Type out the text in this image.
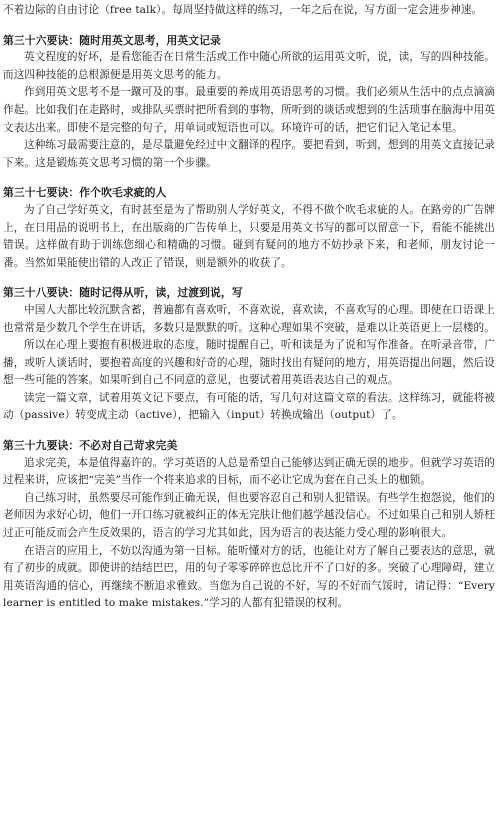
不着边际的自由讨论（free talk）。每周坚持做这样的练习，一年之后在说，写方面一定会进步神速。

第三十六要诀：随时用英文思考，用英文记录

英文程度的好坏，是看您能否在日常生活或工作中随心所欲的运用英文听，说，读，写的四种技能。而这四种技能的总根源便是用英文思考的能力。

作到用英文思考不是一蹴可及的事。最重要的养成用英语思考的习惯。我们必须从生活中的点点滴滴作起。比如我们在走路时，或排队买票时把所看到的事物，所听到的谈话或想到的生活琐事在脑海中用英文表达出来。即使不是完整的句子，用单词或短语也可以。环境许可的话，把它们记入笔记本里。

这种练习最需要注意的，是尽量避免经过中文翻译的程序。要把看到，听到，想到的用英文直接记录下来。这是锻炼英文思考习惯的第一个步骤。

第三十七要诀：作个吹毛求疵的人

为了自己学好英文，有时甚至是为了帮助别人学好英文，不得不做个吹毛求疵的人。在路旁的广告牌上，在日用品的说明书上，在出版商的广告传单上，只要是用英文书写的都可以留意一下，看能不能挑出错误。这样做有助于训练您细心和精确的习惯。碰到有疑问的地方不妨抄录下来，和老师，朋友讨论一番。当然如果能使出错的人改正了错误，则是额外的收获了。

第三十八要诀：随时记得从听，读，过渡到说，写

中国人大都比较沉默含蓄，普遍都有喜欢听，不喜欢说，喜欢读，不喜欢写的心理。即使在口语课上也常常是少数几个学生在讲话，多数只是默默的听。这种心理如果不突破，是难以让英语更上一层楼的。

所以在心理上要抱有积极进取的态度，随时提醒自己，听和读是为了说和写作准备。在听录音带，广播，或听人谈话时，要抱着高度的兴趣和好奇的心理，随时找出有疑问的地方，用英语提出问题，然后设想一些可能的答案。如果听到自己不同意的意见，也要试着用英语表达自己的观点。

读完一篇文章，试着用英文记下要点，有可能的话，写几句对这篇文章的看法。这样练习，就能将被动（passive）转变成主动（active），把输入（input）转换成输出（output）了。

第三十九要诀：不必对自己苛求完美

追求完美，本是值得嘉许的。学习英语的人总是希望自己能够达到正确无误的地步。但就学习英语的过程来讲，应该把“完美”当作一个将来追求的目标，而不必让它成为套在自己头上的枷锁。

自己练习时，虽然要尽可能作到正确无误，但也要容忍自己和别人犯错误。有些学生抱怨说，他们的老师因为求好心切，他们一开口练习就被纠正的体无完肤让他们越学越没信心。不过如果自己和别人矫枉过正可能反而会产生反效果的，语言的学习尤其如此，因为语言的表达能力受心理的影响很大。

在语言的应用上，不妨以沟通为第一目标。能听懂对方的话，也能让对方了解自己要表达的意思，就有了初步的成就。即使讲的结结巴巴，用的句子零零碎碎也总比开不了口好的多。突破了心理障碍，建立用英语沟通的信心，再继续不断追求雅致。当您为自己说的不好，写的不好而气馁时，请记得：“Every learner is entitled to make mistakes.”学习的人都有犯错误的权利。
